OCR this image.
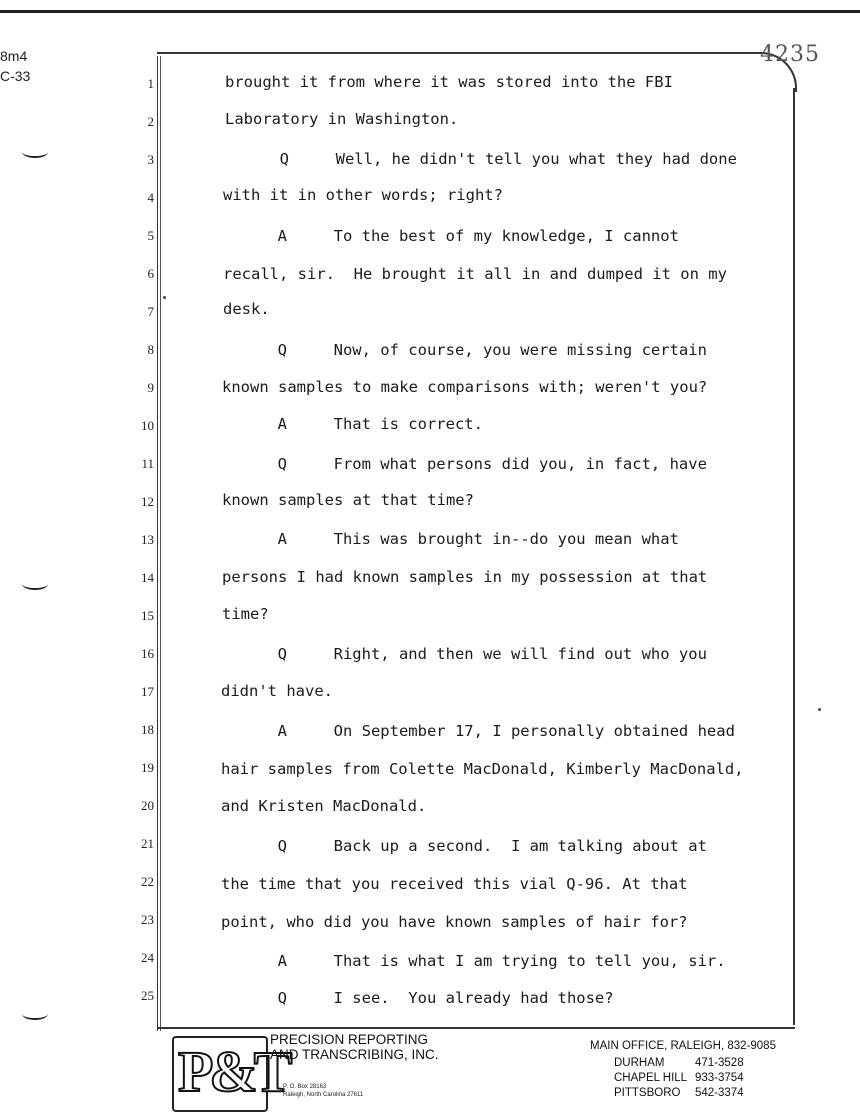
8m4
C-33
4235
1	brought it from where it was stored into the FBI
2	Laboratory in Washington.
3	Q     Well, he didn't tell you what they had done
4	with it in other words; right?
5	A     To the best of my knowledge, I cannot
6	recall, sir.  He brought it all in and dumped it on my
7	desk.
8	Q     Now, of course, you were missing certain
9	known samples to make comparisons with; weren't you?
10	A     That is correct.
11	Q     From what persons did you, in fact, have
12	known samples at that time?
13	A     This was brought in--do you mean what
14	persons I had known samples in my possession at that
15	time?
16	Q     Right, and then we will find out who you
17	didn't have.
18	A     On September 17, I personally obtained head
19	hair samples from Colette MacDonald, Kimberly MacDonald,
20	and Kristen MacDonald.
21	Q     Back up a second.  I am talking about at
22	the time that you received this vial Q-96. At that
23	point, who did you have known samples of hair for?
24	A     That is what I am trying to tell you, sir.
25	Q     I see.  You already had those?
P&T
PRECISION REPORTING
AND TRANSCRIBING, INC.
P. O. Box 28163
Raleigh, North Carolina 27611
MAIN OFFICE, RALEIGH, 832-9085
DURHAM	471-3528
CHAPEL HILL 933-3754
PITTSBORO 542-3374
